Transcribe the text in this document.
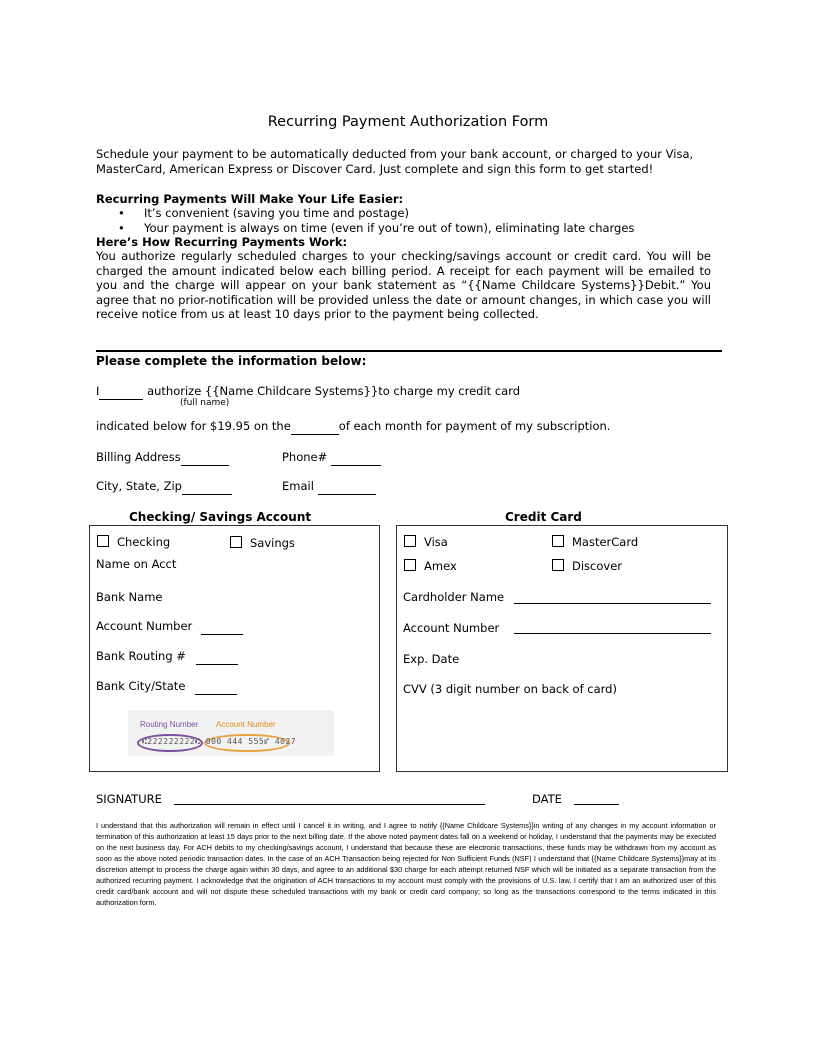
Recurring Payment Authorization Form
Schedule your payment to be automatically deducted from your bank account, or charged to your Visa, MasterCard, American Express or Discover Card. Just complete and sign this form to get started!
Recurring Payments Will Make Your Life Easier:
• It’s convenient (saving you time and postage)
• Your payment is always on time (even if you’re out of town), eliminating late charges
Here’s How Recurring Payments Work:
You authorize regularly scheduled charges to your checking/savings account or credit card. You will be charged the amount indicated below each billing period. A receipt for each payment will be emailed to you and the charge will appear on your bank statement as “{{Name Childcare Systems}}Debit.” You agree that no prior-notification will be provided unless the date or amount changes, in which case you will receive notice from us at least 10 days prior to the payment being collected.
Please complete the information below:
I	authorize {{Name Childcare Systems}}to charge my credit card
(full name)
indicated below for $19.95 on the	of each month for payment of my subscription.
Billing Address	Phone#
City, State, Zip	Email
Checking/ Savings Account	Credit Card
Checking	Savings
Name on Acct
Bank Name
Account Number
Bank Routing #
Bank City/State
Routing Number Account Number
⑆222222222⑆ 000 444 555⑈ 4027
Visa	MasterCard
Amex	Discover
Cardholder Name
Account Number
Exp. Date
CVV (3 digit number on back of card)
SIGNATURE	DATE
I understand that this authorization will remain in effect until I cancel it in writing, and I agree to notify {{Name Childcare Systems}}in writing of any changes in my account information or termination of this authorization at least 15 days prior to the next billing date. If the above noted payment dates fall on a weekend or holiday, I understand that the payments may be executed on the next business day. For ACH debits to my checking/savings account, I understand that because these are electronic transactions, these funds may be withdrawn from my account as soon as the above noted periodic transaction dates. In the case of an ACH Transaction being rejected for Non Sufficient Funds (NSF) I understand that {{Name Childcare Systems}}may at its discretion attempt to process the charge again within 30 days, and agree to an additional $30 charge for each attempt returned NSF which will be initiated as a separate transaction from the authorized recurring payment. I acknowledge that the origination of ACH transactions to my account must comply with the provisions of U.S. law. I certify that I am an authorized user of this credit card/bank account and will not dispute these scheduled transactions with my bank or credit card company; so long as the transactions correspond to the terms indicated in this authorization form.
